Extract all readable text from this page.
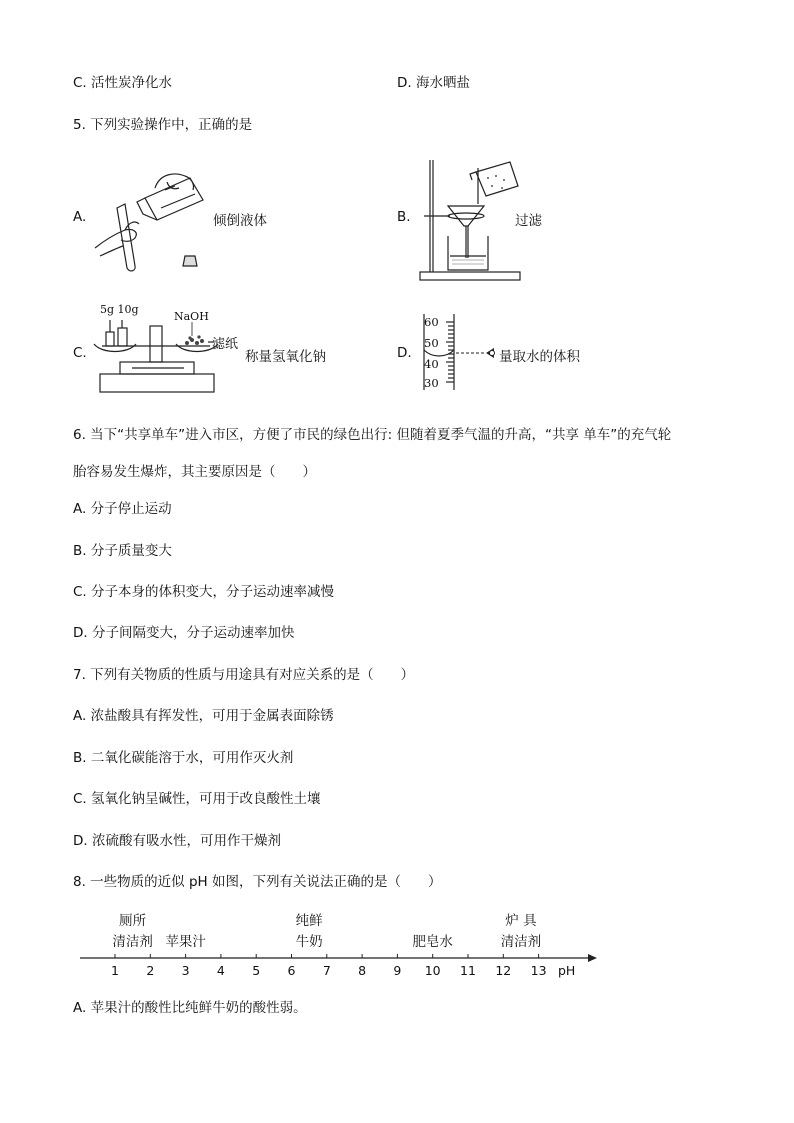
C. 活性炭净化水	D. 海水晒盐
5. 下列实验操作中，正确的是
A.	倾倒液体	B.	过滤
C.
5g 10g
NaOH
滤纸
称量氢氧化钠	D.
60
50
40
30
量取水的体积
6. 当下“共享单车”进入市区，方便了市民的绿色出行: 但随着夏季气温的升高，“共享 单车”的充气轮
胎容易发生爆炸，其主要原因是（　　）
A. 分子停止运动
B. 分子质量变大
C. 分子本身的体积变大，分子运动速率减慢
D. 分子间隔变大，分子运动速率加快
7. 下列有关物质的性质与用途具有对应关系的是（　　）
A. 浓盐酸具有挥发性，可用于金属表面除锈
B. 二氧化碳能溶于水，可用作灭火剂
C. 氢氧化钠呈碱性，可用于改良酸性土壤
D. 浓硫酸有吸水性，可用作干燥剂
8. 一些物质的近似 pH 如图，下列有关说法正确的是（　　）
1	2	3	4	5	6	7	8	9	10 11 12 13
厕所
清洁剂 苹果汁
纯鲜
牛奶	肥皂水
炉 具
清洁剂
pH
A. 苹果汁的酸性比纯鲜牛奶的酸性弱。
